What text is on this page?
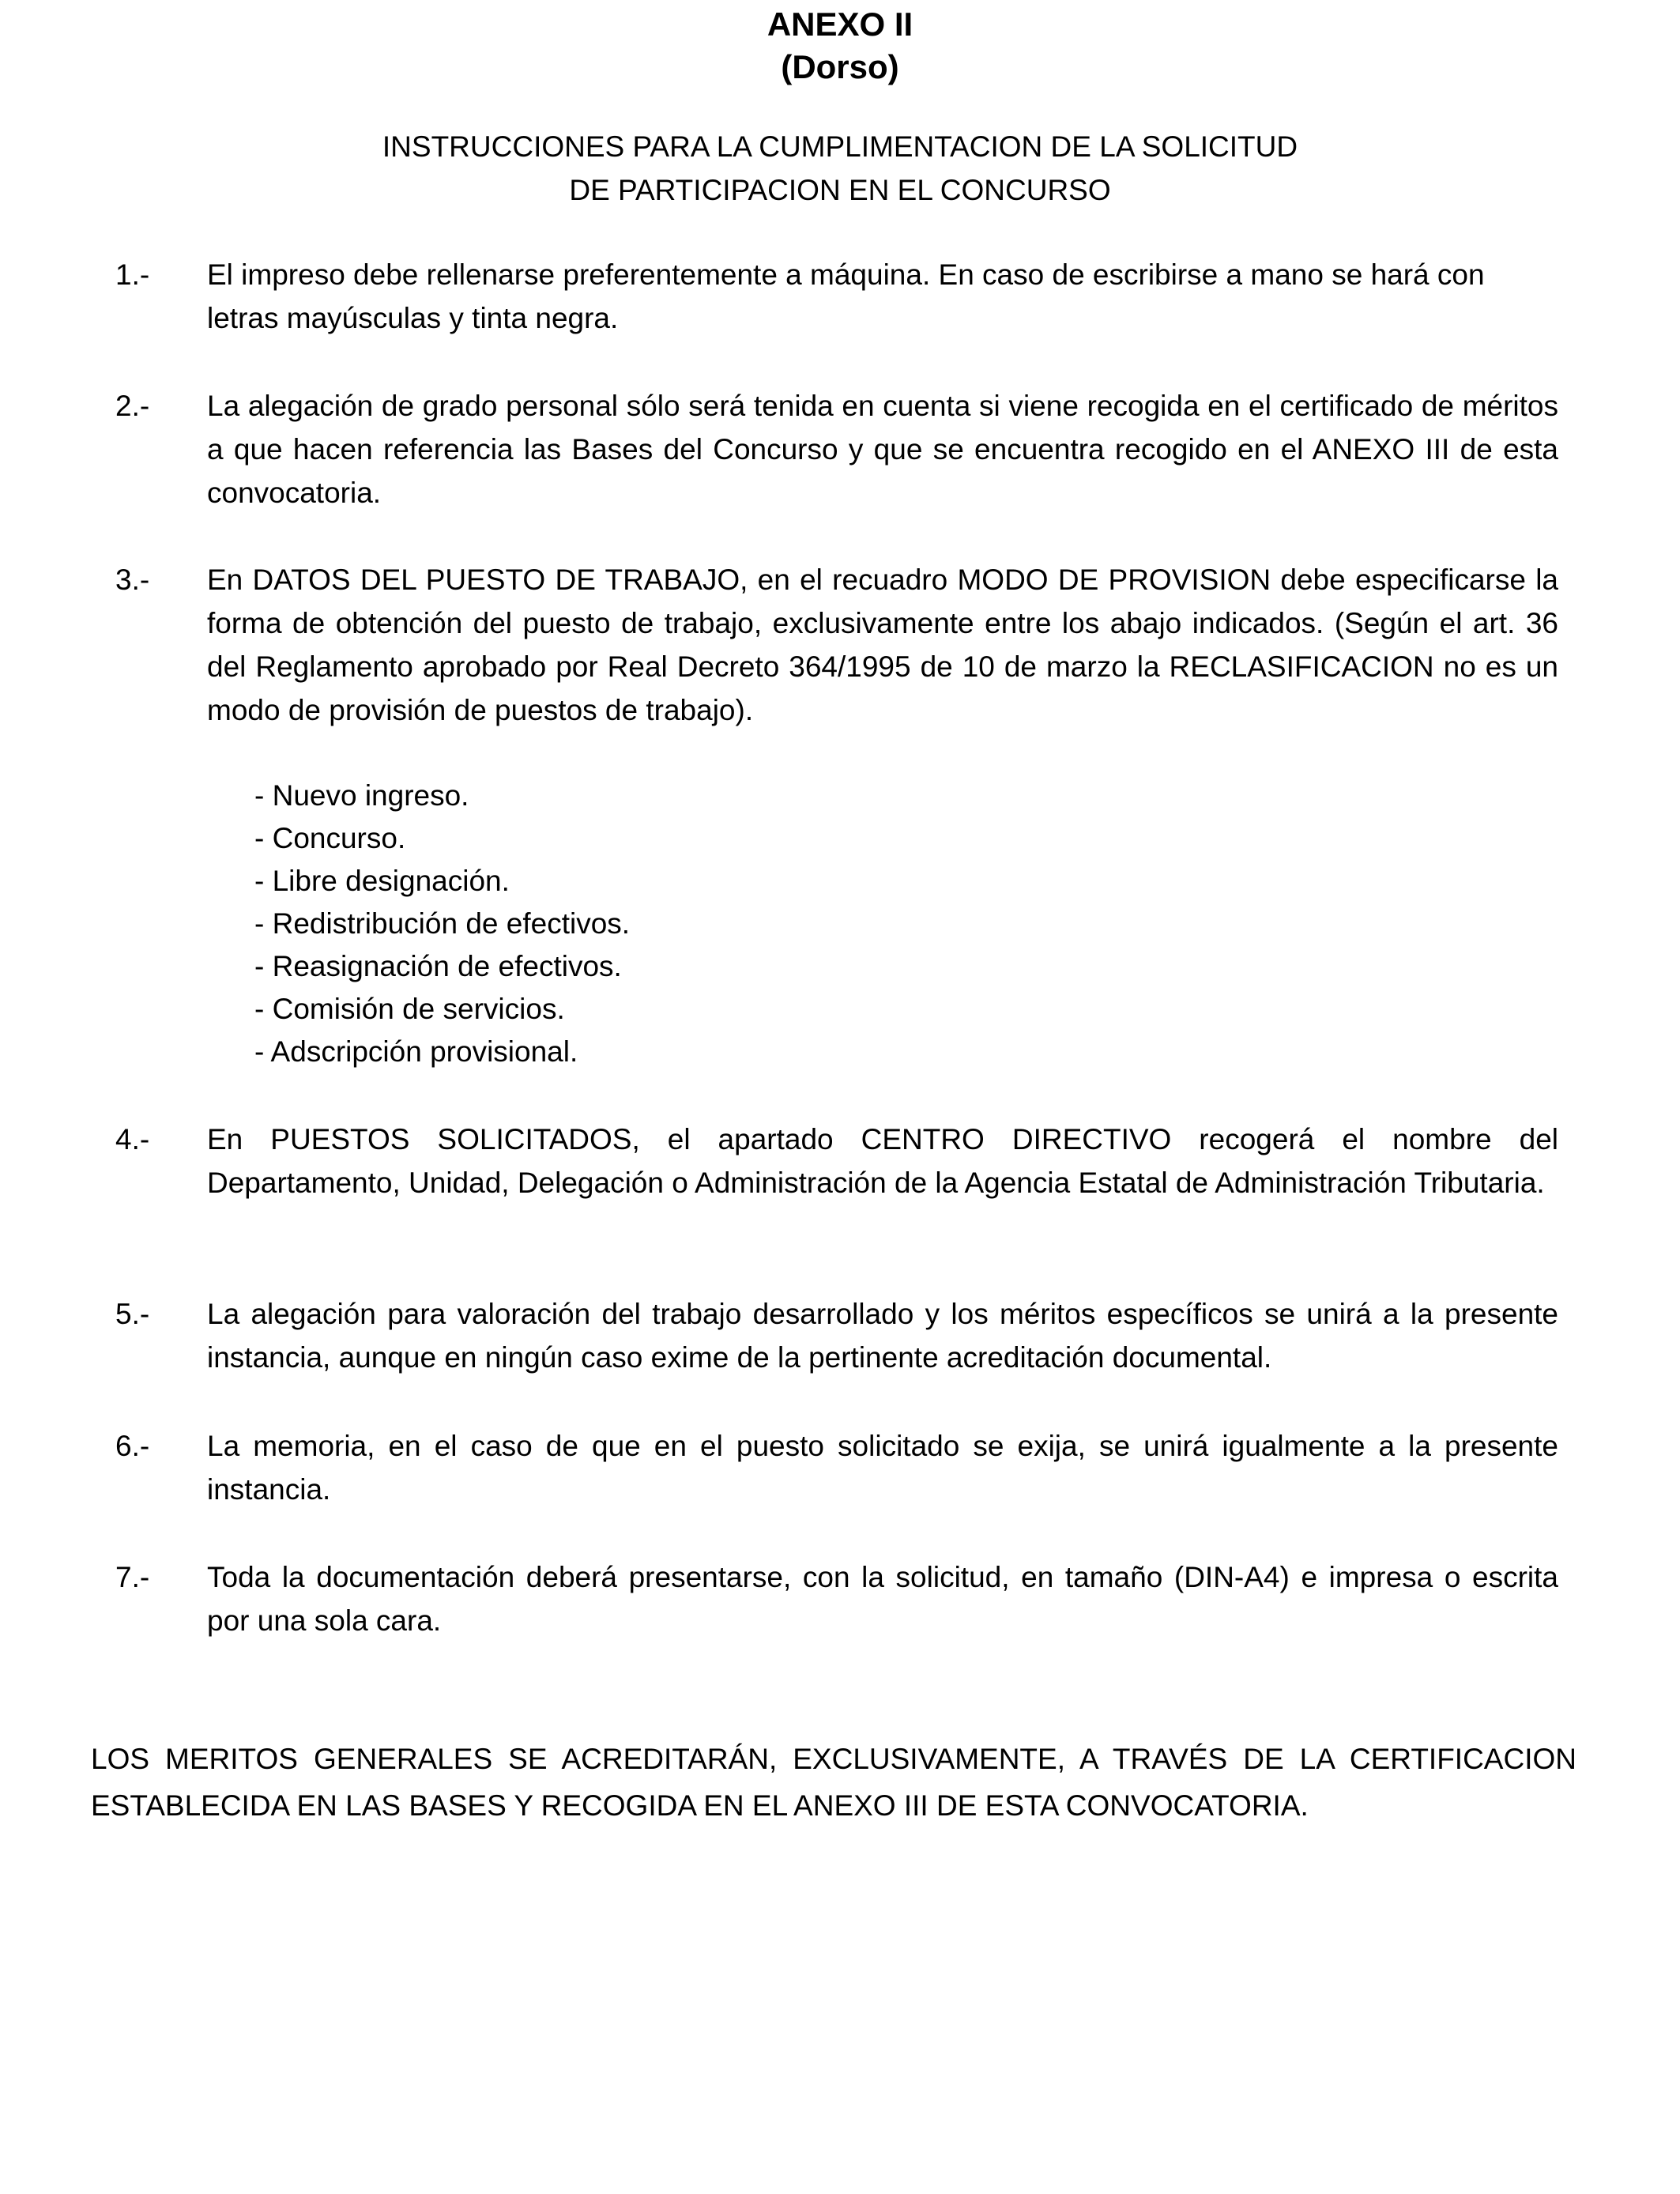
ANEXO II
(Dorso)
INSTRUCCIONES PARA LA CUMPLIMENTACION DE LA SOLICITUD
DE PARTICIPACION EN EL CONCURSO
1.- El impreso debe rellenarse preferentemente a máquina. En caso de escribirse a mano se hará con letras mayúsculas y tinta negra.
2.- La alegación de grado personal sólo será tenida en cuenta si viene recogida en el certificado de méritos a que hacen referencia las Bases del Concurso y que se encuentra recogido en el ANEXO III de esta convocatoria.
3.- En DATOS DEL PUESTO DE TRABAJO, en el recuadro MODO DE PROVISION debe especificarse la forma de obtención del puesto de trabajo, exclusivamente entre los abajo indicados. (Según el art. 36 del Reglamento aprobado por Real Decreto 364/1995 de 10 de marzo la RECLASIFICACION no es un modo de provisión de puestos de trabajo).
- Nuevo ingreso.
- Concurso.
- Libre designación.
- Redistribución de efectivos.
- Reasignación de efectivos.
- Comisión de servicios.
- Adscripción provisional.
4.- En PUESTOS SOLICITADOS, el apartado CENTRO DIRECTIVO recogerá el nombre del Departamento, Unidad, Delegación o Administración de la Agencia Estatal de Administración Tributaria.
5.- La alegación para valoración del trabajo desarrollado y los méritos específicos se unirá a la presente instancia, aunque en ningún caso exime de la pertinente acreditación documental.
6.- La memoria, en el caso de que en el puesto solicitado se exija, se unirá igualmente a la presente instancia.
7.- Toda la documentación deberá presentarse, con la solicitud, en tamaño (DIN-A4) e impresa o escrita por una sola cara.
LOS MERITOS GENERALES SE ACREDITARÁN, EXCLUSIVAMENTE, A TRAVÉS DE LA CERTIFICACION ESTABLECIDA EN LAS BASES Y RECOGIDA EN EL ANEXO III DE ESTA CONVOCATORIA.
